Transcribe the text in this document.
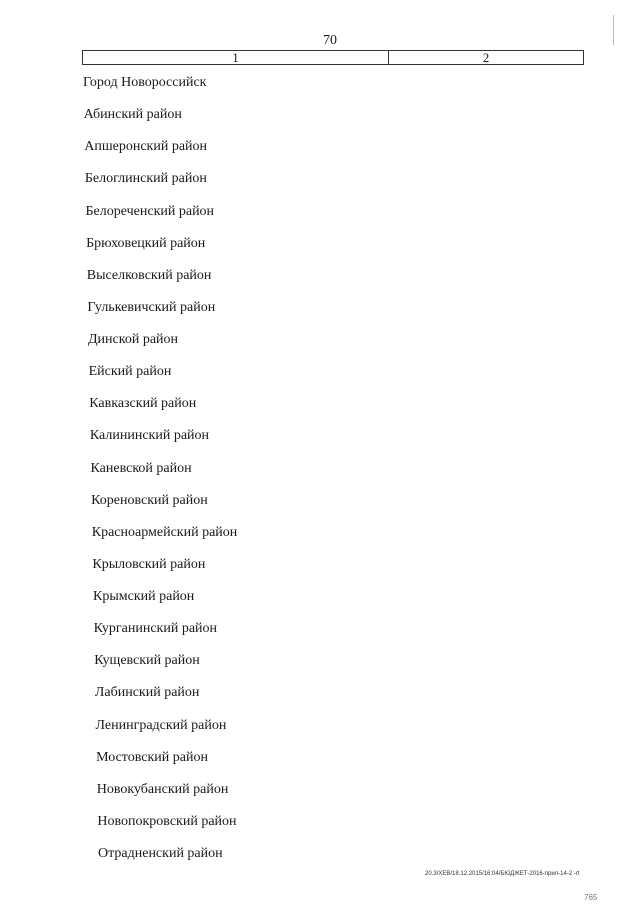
70
1	2
Город Новороссийск
Абинский район
Апшеронский район
Белоглинский район
Белореченский район
Брюховецкий район
Выселковский район
Гулькевичский район
Динской район
Ейский район
Кавказский район
Калининский район
Каневской район
Кореновский район
Красноармейский район
Крыловский район
Крымский район
Курганинский район
Кущевский район
Лабинский район
Ленинградский район
Мостовский район
Новокубанский район
Новопокровский район
Отрадненский район
20.3/ХЕВ/18.12.2015/16:04/БЮДЖЕТ-2016-прил-14-2 -rt
765
